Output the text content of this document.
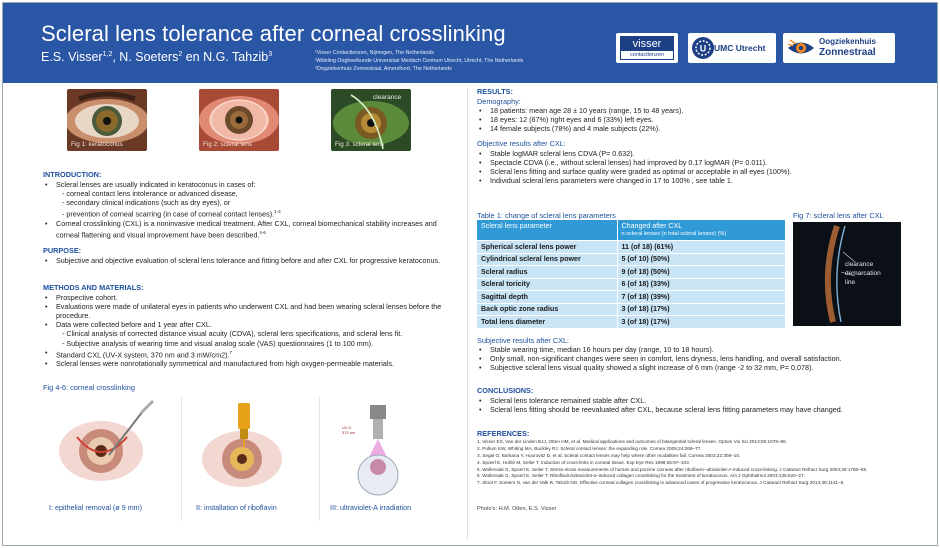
Scleral lens tolerance after corneal crosslinking
E.S. Visser$^{1,2}$, N. Soeters$^2$ en N.G. Tahzib$^3$	¹Visser Contactlenzen, Nijmegen, The Netherlands
²Afdeling Oogheelkunde Universitair Medisch Centrum Utrecht, Utrecht, The Netherlands
³Oogziekenhuis Zonnestraal, Amersfoort, The Netherlands
visser
contactlenzen
U UMC Utrecht
Oogziekenhuis
Zonnestraal
Fig 1: keratoconus	Fig 2: scleral lens
clearance
Fig 3: scleral lens
INTRODUCTION:
• Scleral lenses are usually indicated in keratoconus in cases of:
- corneal contact lens intolerance or advanced disease,
- secondary clinical indications (such as dry eyes), or
- prevention of corneal scarring (in case of corneal contact lenses).$^{1-3}$
• Corneal crosslinking (CXL) is a noninvasive medical treatment. After CXL, corneal biomechanical stability increases and corneal flattening and visual improvement have been described.$^{4-6}$
PURPOSE:
• Subjective and objective evaluation of scleral lens tolerance and fitting before and after CXL for progressive keratoconus.
METHODS AND MATERIALS:
• Prospective cohort.
• Evaluations were made of unilateral eyes in patients who underwent CXL and had been wearing scleral lenses before the procedure.
• Data were collected before and 1 year after CXL.
- Clinical analysis of corrected distance visual acuity (CDVA), scleral lens specifications, and scleral lens fit.
- Subjective analysis of wearing time and visual analog scale (VAS) questionnaires (1 to 100 mm).
• Standard CXL (UV-X system, 370 nm and 3 mW/cm2).$^7$
• Scleral lenses were nonrotationally symmetrical and manufactured from high oxygen-permeable materials.
Fig 4-6: corneal crosslinking
I: epithelial removal (ø 9 mm)	II: installation of riboflavin
UV-X
370 nm
III: ultraviolet-A irradiation
RESULTS:
Demography:
• 18 patients: mean age 28 ± 10 years (range, 15 to 48 years).
• 18 eyes: 12 (67%) right eyes and 6 (33%) left eyes.
• 14 female subjects (78%) and 4 male subjects (22%).
Objective results after CXL:
• Stable logMAR scleral lens CDVA (P= 0.632).
• Spectacle CDVA (i.e., without scleral lenses) had improved by 0.17 logMAR (P= 0.011).
• Scleral lens fitting and surface quality were graded as optimal or acceptable in all eyes (100%).
• Individual scleral lens parameters were changed in 17 to 100% , see table 1.
Table 1: change of scleral lens parameters
Scleral lens parameter	Changed after CXL
n scleral lenses (n total scleral lenses) (%)

Spherical scleral lens power	11 (of 18) (61%)
Cylindrical scleral lens power	5 (of 10) (50%)
Scleral radius	9 (of 18) (50%)
Scleral toricity	6 (of 18) (33%)
Sagittal depth	7 (of 18) (39%)
Back optic zone radius	3 (of 18) (17%)
Total lens diameter	3 (of 18) (17%)
Fig 7: scleral lens after CXL
clearance
demarcation
line
Subjective results after CXL:
• Stable wearing time, median 16 hours per day (range, 10 to 18 hours).
• Only small, non-significant changes were seen in comfort, lens dryness, lens handling, and overall satisfaction.
• Subjective scleral lens visual quality showed a slight increase of 6 mm (range -2 to 32 mm, P= 0.078).
CONCLUSIONS:
• Scleral lens tolerance remained stable after CXL.
• Scleral lens fitting should be reevaluated after CXL, because scleral lens fitting parameters may have changed.
REFERENCES:
1. Visser ES, Van der Linden BJJ, Otten HM, et al. Medical applications and outcomes of bitangential scleral lenses. Optom Vis Sci 2013;90:1078–85.
2. Pullum KW, Whiting MA, Buckley RJ. Scleral contact lenses: the expanding role. Cornea 2005;24:269–77.
3. Segal O, Barkana Y, Hourovitz D, et al. Scleral contact lenses may help where other modalities fail. Cornea 2003;22:308–10.
4. Spoerl E, Huhle M, Seiler T. Induction of cross-links in corneal tissue. Exp Eye Res 1998;66:97–103.
5. Wollensak G, Spoerl E, Seiler T. Stress-strain measurements of human and porcine corneas after riboflavin–ultraviolet-A-induced cross-linking. J Cataract Refract Surg 2003;29:1780–85.
6. Wollensak G, Spoerl E, Seiler T. Riboflavin/ultraviolet-a–induced collagen crosslinking for the treatment of keratoconus. Am J Ophthalmol 2003;135:620–27.
7. Sloot F, Soeters N, van der Valk R, Tahzib NG. Effective corneal collagen crosslinking in advanced cases of progressive keratoconus. J Cataract Refract Surg 2013;39:1141–5.
Photo's: H.M. Otten, E.S. Visser
